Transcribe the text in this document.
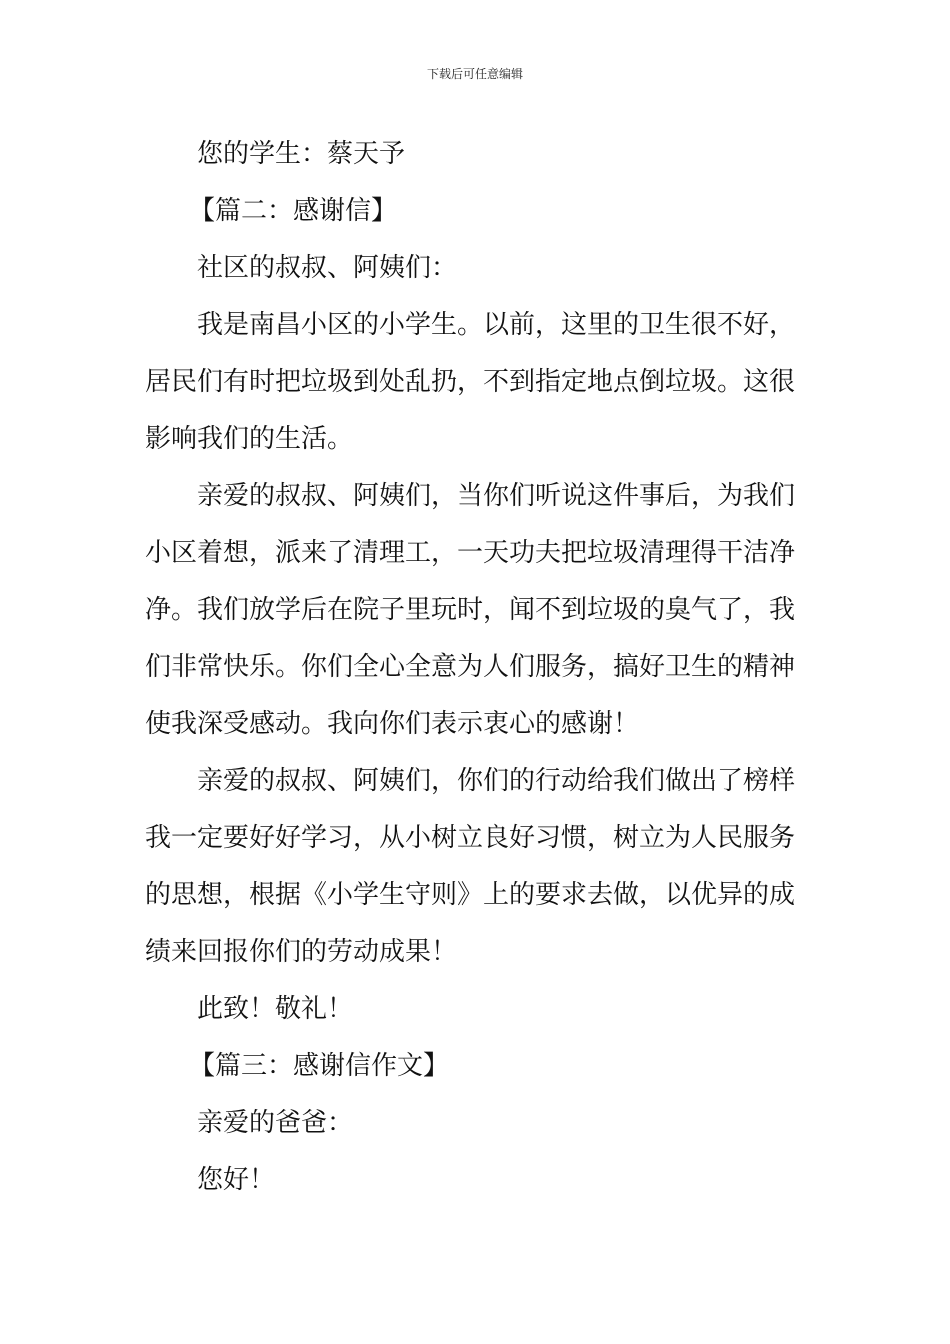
下载后可任意编辑
您的学生：蔡天予
【篇二：感谢信】
社区的叔叔、阿姨们：
我是南昌小区的小学生。以前，这里的卫生很不好，
居民们有时把垃圾到处乱扔，不到指定地点倒垃圾。这很
影响我们的生活。
亲爱的叔叔、阿姨们，当你们听说这件事后，为我们
小区着想，派来了清理工，一天功夫把垃圾清理得干洁净
净。我们放学后在院子里玩时，闻不到垃圾的臭气了，我
们非常快乐。你们全心全意为人们服务，搞好卫生的精神
使我深受感动。我向你们表示衷心的感谢！
亲爱的叔叔、阿姨们，你们的行动给我们做出了榜样
我一定要好好学习，从小树立良好习惯，树立为人民服务
的思想，根据《小学生守则》上的要求去做，以优异的成
绩来回报你们的劳动成果！
此致！敬礼！
【篇三：感谢信作文】
亲爱的爸爸：
您好！
